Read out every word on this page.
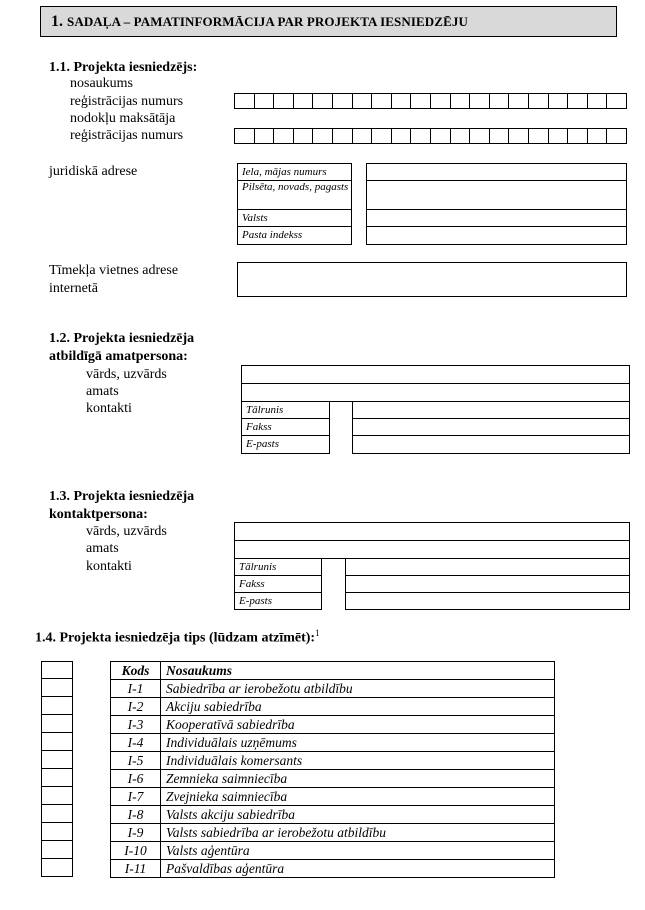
1. SADAĻA – PAMATINFORMĀCIJA PAR PROJEKTA IESNIEDZĒJU
1.1. Projekta iesniedzējs:
nosaukums
reģistrācijas numurs
nodokļu maksātāja
reģistrācijas numurs
juridiskā adrese	Iela, mājas numurs
Pilsēta, novads, pagasts
Valsts
Pasta indekss
Tīmekļa vietnes adrese
internetā
1.2. Projekta iesniedzēja
atbildīgā amatpersona:
vārds, uzvārds
amats
kontakti	Tālrunis
Fakss
E-pasts
1.3. Projekta iesniedzēja
kontaktpersona:
vārds, uzvārds
amats
kontakti	Tālrunis
Fakss
E-pasts
1.4. Projekta iesniedzēja tips (lūdzam atzīmēt):$^1$
Kods	Nosaukums
I-1	Sabiedrība ar ierobežotu atbildību
I-2	Akciju sabiedrība
I-3	Kooperatīvā sabiedrība
I-4	Individuālais uzņēmums
I-5	Individuālais komersants
I-6	Zemnieka saimniecība
I-7	Zvejnieka saimniecība
I-8	Valsts akciju sabiedrība
I-9	Valsts sabiedrība ar ierobežotu atbildību
I-10	Valsts aģentūra
I-11	Pašvaldības aģentūra
